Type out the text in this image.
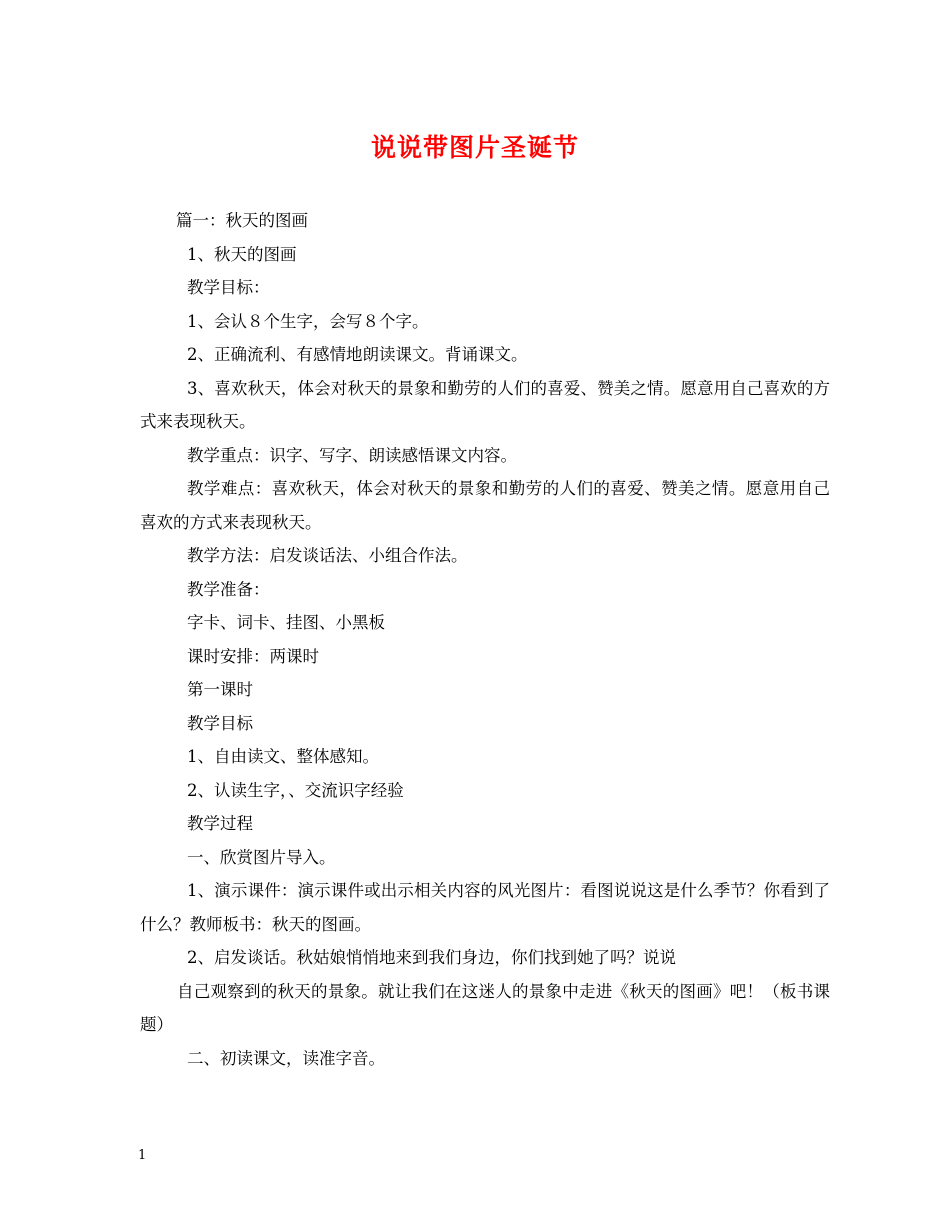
说说带图片圣诞节

篇一：秋天的图画

1、秋天的图画

教学目标：

1、会认８个生字，会写８个字。

2、正确流利、有感情地朗读课文。背诵课文。

3、喜欢秋天，体会对秋天的景象和勤劳的人们的喜爱、赞美之情。愿意用自己喜欢的方式来表现秋天。

教学重点：识字、写字、朗读感悟课文内容。

教学难点：喜欢秋天，体会对秋天的景象和勤劳的人们的喜爱、赞美之情。愿意用自己喜欢的方式来表现秋天。

教学方法：启发谈话法、小组合作法。

教学准备：

字卡、词卡、挂图、小黑板

课时安排：两课时

第一课时

教学目标

1、自由读文、整体感知。

2、认读生字，、交流识字经验

教学过程

一、欣赏图片导入。

1、演示课件：演示课件或出示相关内容的风光图片：看图说说这是什么季节？你看到了什么？教师板书：秋天的图画。

2、启发谈话。秋姑娘悄悄地来到我们身边，你们找到她了吗？说说

自己观察到的秋天的景象。就让我们在这迷人的景象中走进《秋天的图画》吧！（板书课题）

二、初读课文，读准字音。

1
